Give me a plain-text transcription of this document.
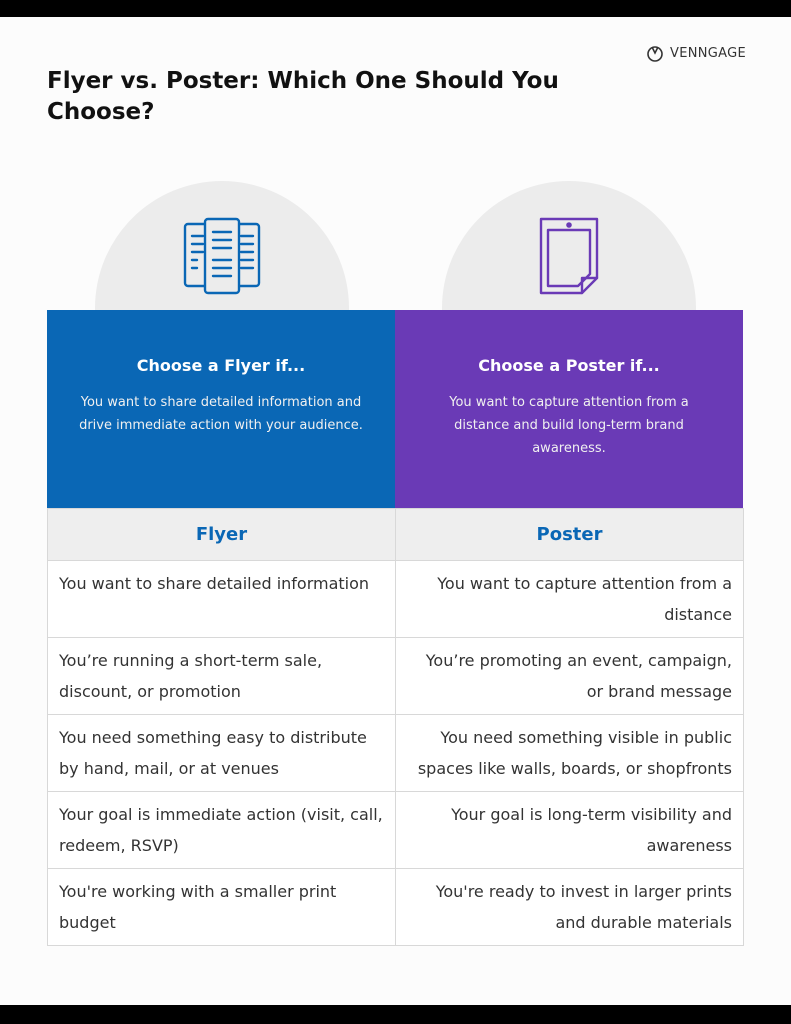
VENNGAGE
Flyer vs. Poster: Which One Should You Choose?
Choose a Flyer if...

You want to share detailed information and drive immediate action with your audience.

Choose a Poster if...

You want to capture attention from a distance and build long-term brand awareness.

Flyer	Poster
You want to share detailed information	You want to capture attention from a distance
You’re running a short-term sale, discount, or promotion	You’re promoting an event, campaign, or brand message
You need something easy to distribute by hand, mail, or at venues	You need something visible in public spaces like walls, boards, or shopfronts
Your goal is immediate action (visit, call, redeem, RSVP)	Your goal is long-term visibility and awareness
You're working with a smaller print budget	You're ready to invest in larger prints and durable materials
